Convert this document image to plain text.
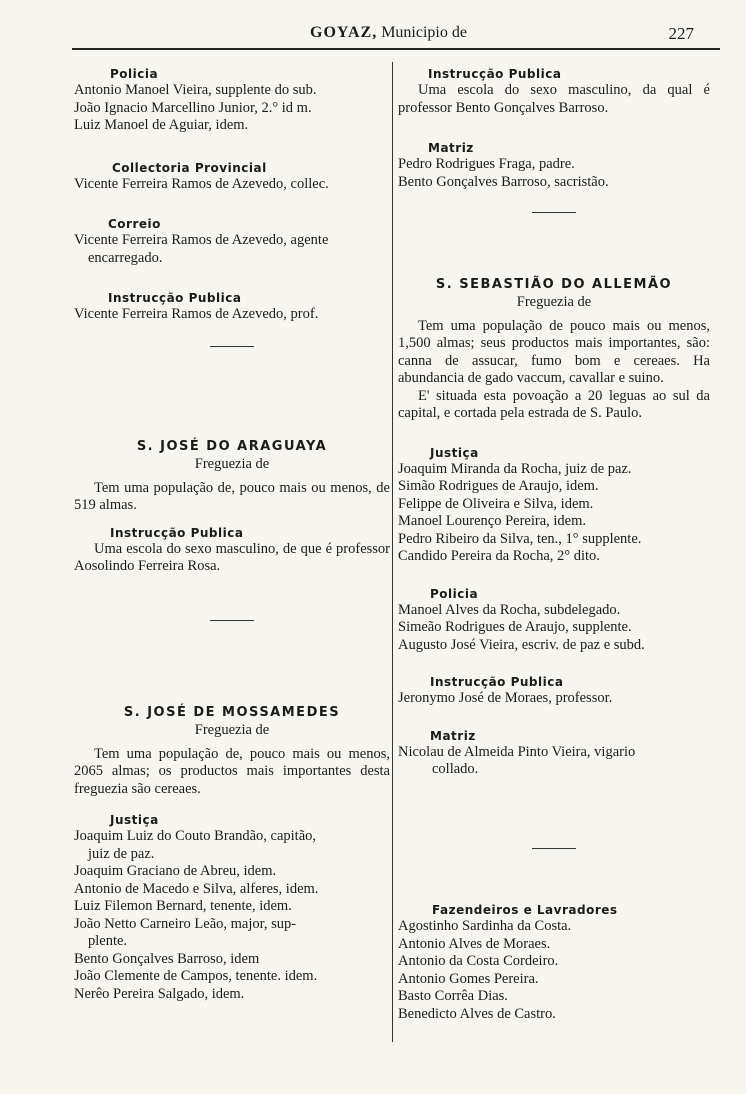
GOYAZ, Municipio de	227
Policia
Antonio Manoel Vieira, supplente do sub.
João Ignacio Marcellino Junior, 2.° id m.
Luiz Manoel de Aguiar, idem.
Collectoria Provincial
Vicente Ferreira Ramos de Azevedo, collec.
Correio
Vicente Ferreira Ramos de Azevedo, agente
encarregado.
Instrucção Publica
Vicente Ferreira Ramos de Azevedo, prof.
S. JOSÉ DO ARAGUAYA
Freguezia de
Tem uma população de, pouco mais ou menos, de 519 almas.
Instrucção Publica
Uma escola do sexo masculino, de que é professor Aosolindo Ferreira Rosa.
S. JOSÉ DE MOSSAMEDES
Freguezia de
Tem uma população de, pouco mais ou menos, 2065 almas; os productos mais importantes desta freguezia são cereaes.
Justiça
Joaquim Luiz do Couto Brandão, capitão,
juiz de paz.
Joaquim Graciano de Abreu, idem.
Antonio de Macedo e Silva, alferes, idem.
Luiz Filemon Bernard, tenente, idem.
João Netto Carneiro Leão, major, sup-
plente.
Bento Gonçalves Barroso, idem
João Clemente de Campos, tenente. idem.
Nerêo Pereira Salgado, idem.
Instrucção Publica
Uma escola do sexo masculino, da qual é professor Bento Gonçalves Barroso.
Matriz
Pedro Rodrigues Fraga, padre.
Bento Gonçalves Barroso, sacristão.
S. SEBASTIÃO DO ALLEMÃO
Freguezia de
Tem uma população de pouco mais ou menos, 1,500 almas; seus productos mais importantes, são: canna de assucar, fumo bom e cereaes. Ha abundancia de gado vaccum, cavallar e suino.
E' situada esta povoação a 20 leguas ao sul da capital, e cortada pela estrada de S. Paulo.
Justiça
Joaquim Miranda da Rocha, juiz de paz.
Simão Rodrigues de Araujo, idem.
Felippe de Oliveira e Silva, idem.
Manoel Lourenço Pereira, idem.
Pedro Ribeiro da Silva, ten., 1° supplente.
Candido Pereira da Rocha, 2° dito.
Policia
Manoel Alves da Rocha, subdelegado.
Simeão Rodrigues de Araujo, supplente.
Augusto José Vieira, escriv. de paz e subd.
Instrucção Publica
Jeronymo José de Moraes, professor.
Matriz
Nicolau de Almeida Pinto Vieira, vigario
collado.
Fazendeiros e Lavradores
Agostinho Sardinha da Costa.
Antonio Alves de Moraes.
Antonio da Costa Cordeiro.
Antonio Gomes Pereira.
Basto Corrêa Dias.
Benedicto Alves de Castro.
